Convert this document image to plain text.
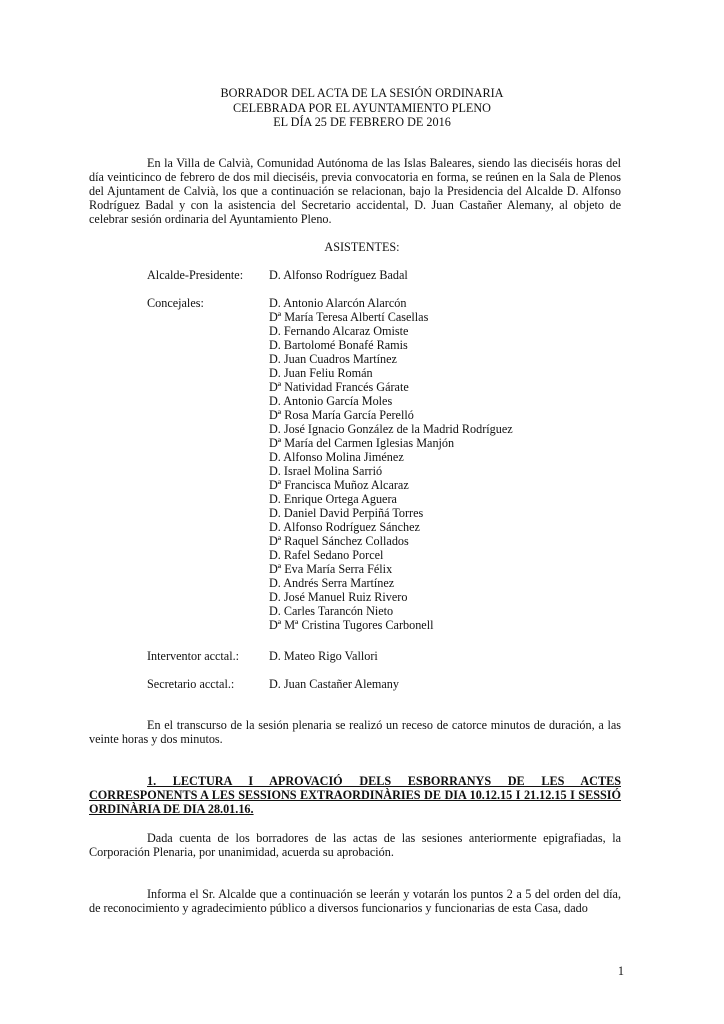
BORRADOR DEL ACTA DE LA SESIÓN ORDINARIA
CELEBRADA POR EL AYUNTAMIENTO PLENO
EL DÍA 25 DE FEBRERO DE 2016
En la Villa de Calvià, Comunidad Autónoma de las Islas Baleares, siendo las dieciséis horas del día veinticinco de febrero de dos mil dieciséis, previa convocatoria en forma, se reúnen en la Sala de Plenos del Ajuntament de Calvià, los que a continuación se relacionan, bajo la Presidencia del Alcalde D. Alfonso Rodríguez Badal y con la asistencia del Secretario accidental, D. Juan Castañer Alemany, al objeto de celebrar sesión ordinaria del Ayuntamiento Pleno.
ASISTENTES:
Alcalde-Presidente: D. Alfonso Rodríguez Badal
Concejales:	D. Antonio Alarcón Alarcón
Dª María Teresa Albertí Casellas
D. Fernando Alcaraz Omiste
D. Bartolomé Bonafé Ramis
D. Juan Cuadros Martínez
D. Juan Feliu Román
Dª Natividad Francés Gárate
D. Antonio García Moles
Dª Rosa María García Perelló
D. José Ignacio González de la Madrid Rodríguez
Dª María del Carmen Iglesias Manjón
D. Alfonso Molina Jiménez
D. Israel Molina Sarrió
Dª Francisca Muñoz Alcaraz
D. Enrique Ortega Aguera
D. Daniel David Perpiñá Torres
D. Alfonso Rodríguez Sánchez
Dª Raquel Sánchez Collados
D. Rafel Sedano Porcel
Dª Eva María Serra Félix
D. Andrés Serra Martínez
D. José Manuel Ruiz Rivero
D. Carles Tarancón Nieto
Dª Mª Cristina Tugores Carbonell
Interventor acctal.: D. Mateo Rigo Vallori
Secretario acctal.:	D. Juan Castañer Alemany
En el transcurso de la sesión plenaria se realizó un receso de catorce minutos de duración, a las veinte horas y dos minutos.
1. LECTURA I APROVACIÓ DELS ESBORRANYS DE LES ACTES CORRESPONENTS A LES SESSIONS EXTRAORDINÀRIES DE DIA 10.12.15 I 21.12.15 I SESSIÓ ORDINÀRIA DE DIA 28.01.16.
Dada cuenta de los borradores de las actas de las sesiones anteriormente epigrafiadas, la Corporación Plenaria, por unanimidad, acuerda su aprobación.
Informa el Sr. Alcalde que a continuación se leerán y votarán los puntos 2 a 5 del orden del día, de reconocimiento y agradecimiento público a diversos funcionarios y funcionarias de esta Casa, dado
1
